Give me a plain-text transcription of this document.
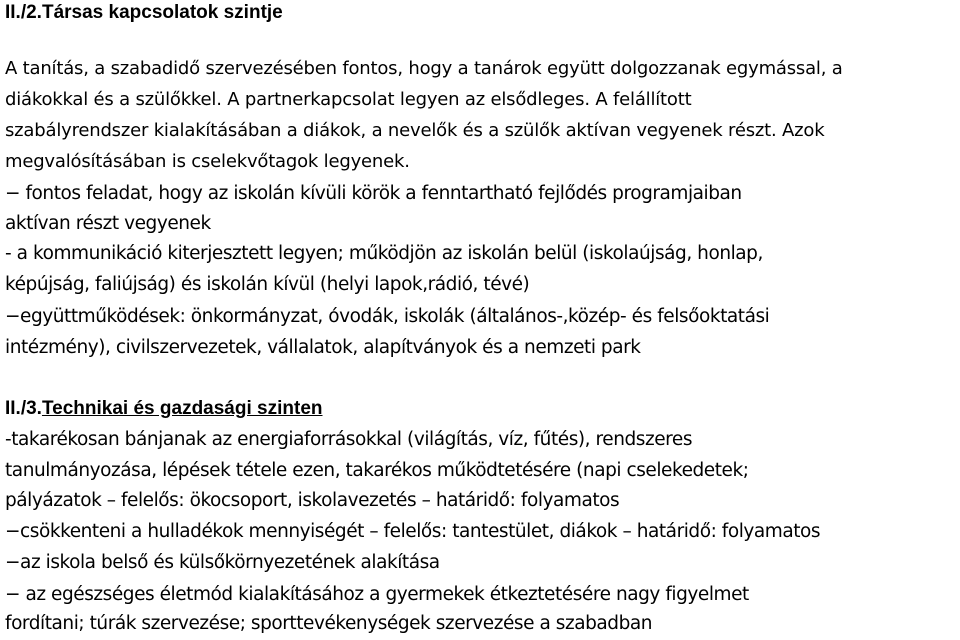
II./2.Társas kapcsolatok szintje
A tanítás, a szabadidő szervezésében fontos, hogy a tanárok együtt dolgozzanak egymással, a
diákokkal és a szülőkkel. A partnerkapcsolat legyen az elsődleges. A felállított
szabályrendszer kialakításában a diákok, a nevelők és a szülők aktívan vegyenek részt. Azok
megvalósításában is cselekvőtagok legyenek.
− fontos feladat, hogy az iskolán kívüli körök a fenntartható fejlődés programjaiban
aktívan részt vegyenek
- a kommunikáció kiterjesztett legyen; működjön az iskolán belül (iskolaújság, honlap,
képújság, faliújság) és iskolán kívül (helyi lapok,rádió, tévé)
−együttműködések: önkormányzat, óvodák, iskolák (általános-,közép- és felsőoktatási
intézmény), civilszervezetek, vállalatok, alapítványok és a nemzeti park
II./3.Technikai és gazdasági szinten
-takarékosan bánjanak az energiaforrásokkal (világítás, víz, fűtés), rendszeres
tanulmányozása, lépések tétele ezen, takarékos működtetésére (napi cselekedetek;
pályázatok – felelős: ökocsoport, iskolavezetés – határidő: folyamatos
−csökkenteni a hulladékok mennyiségét – felelős: tantestület, diákok – határidő: folyamatos
−az iskola belső és külsőkörnyezetének alakítása
− az egészséges életmód kialakításához a gyermekek étkeztetésére nagy figyelmet
fordítani; túrák szervezése; sporttevékenységek szervezése a szabadban
